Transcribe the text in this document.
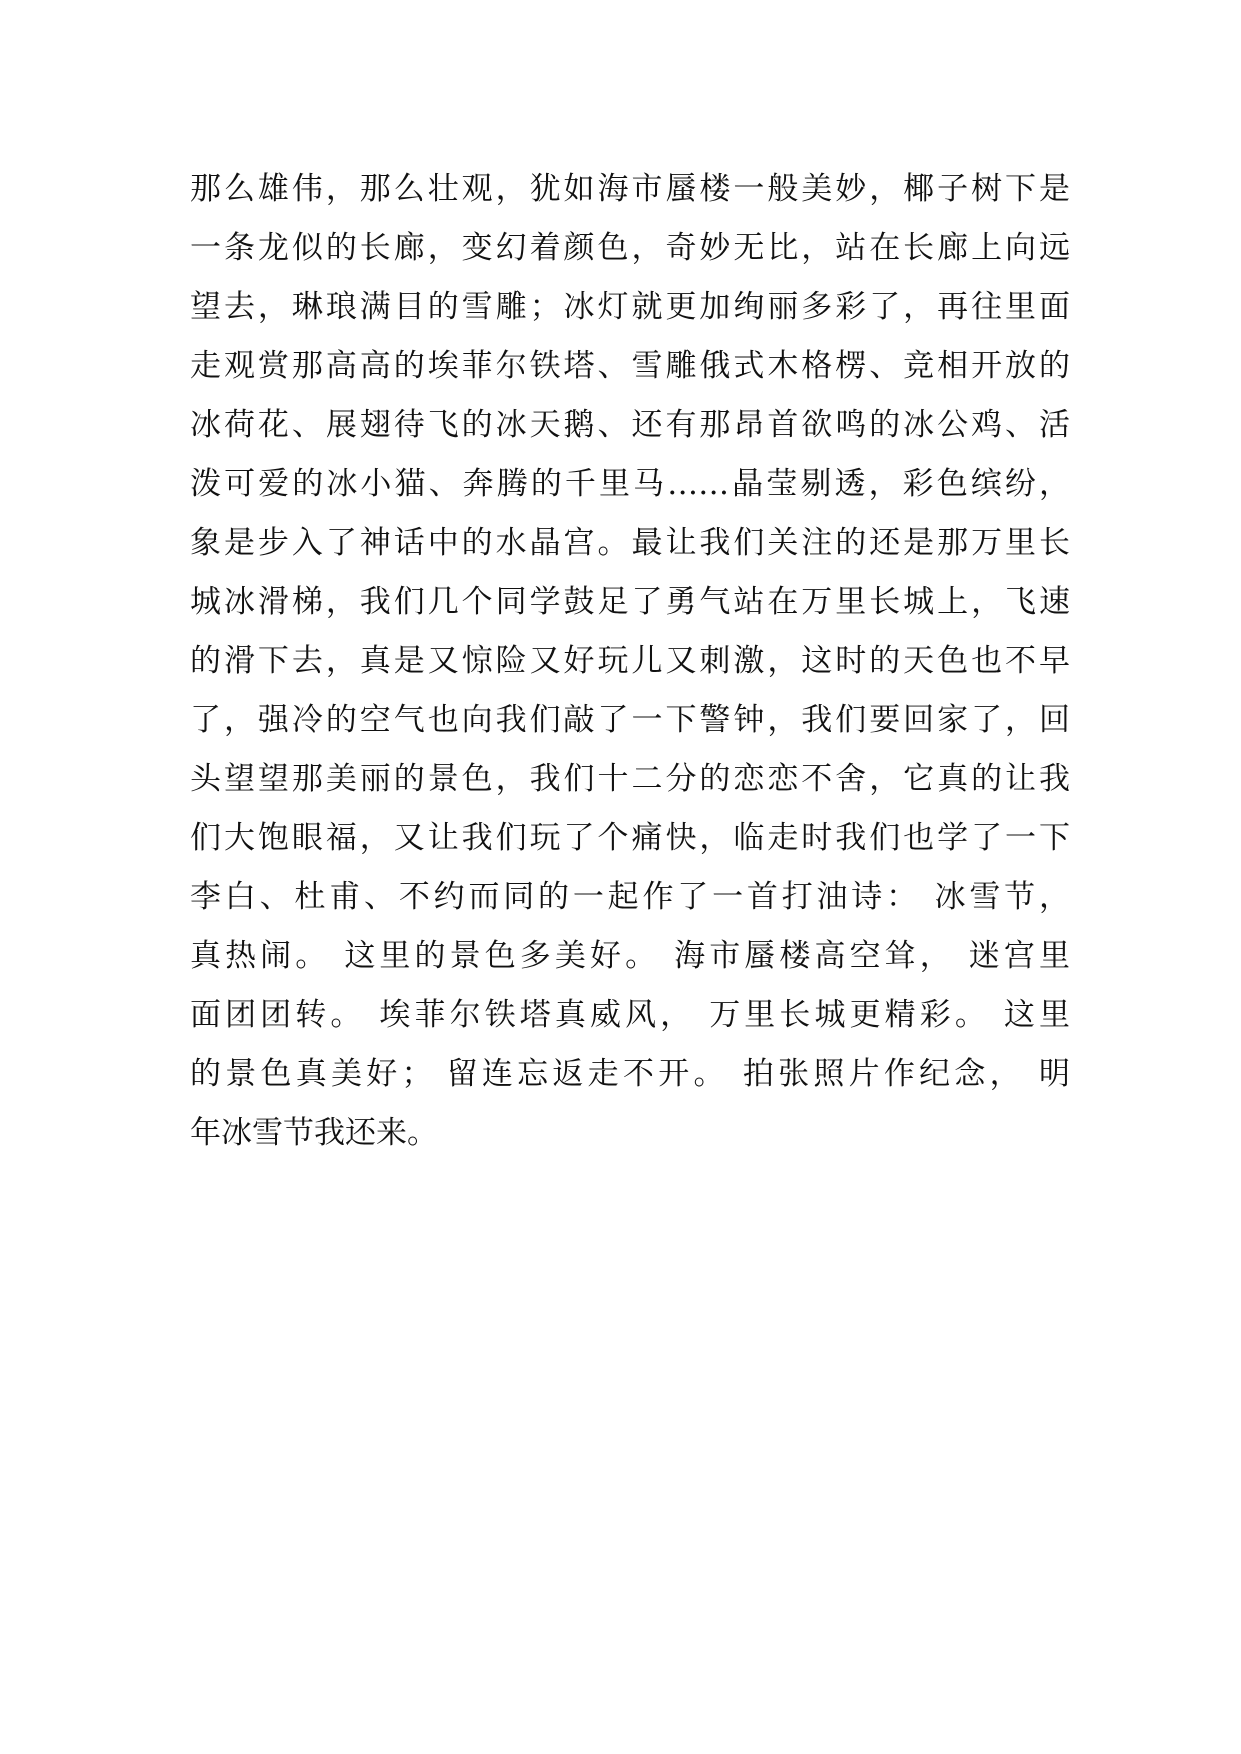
那么雄伟，那么壮观，犹如海市蜃楼一般美妙，椰子树下是
一条龙似的长廊，变幻着颜色，奇妙无比，站在长廊上向远
望去，琳琅满目的雪雕；冰灯就更加绚丽多彩了，再往里面
走观赏那高高的埃菲尔铁塔、雪雕俄式木格楞、竞相开放的
冰荷花、展翅待飞的冰天鹅、还有那昂首欲鸣的冰公鸡、活
泼可爱的冰小猫、奔腾的千里马……晶莹剔透，彩色缤纷，
象是步入了神话中的水晶宫。最让我们关注的还是那万里长
城冰滑梯，我们几个同学鼓足了勇气站在万里长城上，飞速
的滑下去，真是又惊险又好玩儿又刺激，这时的天色也不早
了，强冷的空气也向我们敲了一下警钟，我们要回家了，回
头望望那美丽的景色，我们十二分的恋恋不舍，它真的让我
们大饱眼福，又让我们玩了个痛快，临走时我们也学了一下
李白、杜甫、不约而同的一起作了一首打油诗： 冰雪节，
真热闹。 这里的景色多美好。 海市蜃楼高空耸， 迷宫里
面团团转。 埃菲尔铁塔真威风， 万里长城更精彩。 这里
的景色真美好； 留连忘返走不开。 拍张照片作纪念， 明
年冰雪节我还来。
